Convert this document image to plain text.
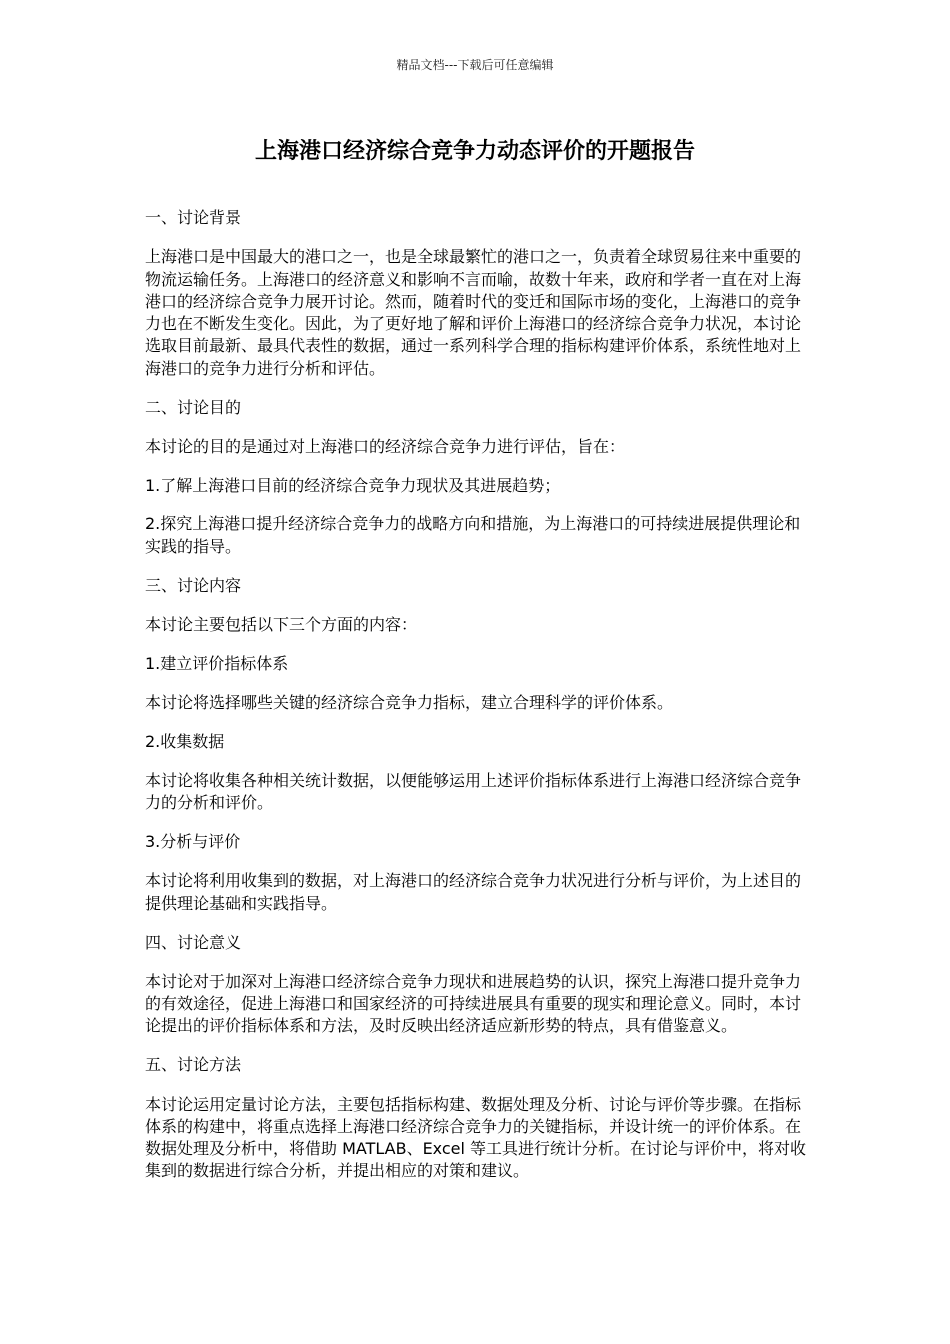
精品文档---下载后可任意编辑
上海港口经济综合竞争力动态评价的开题报告

一、讨论背景

上海港口是中国最大的港口之一，也是全球最繁忙的港口之一，负责着全球贸易往来中重要的物流运输任务。上海港口的经济意义和影响不言而喻，故数十年来，政府和学者一直在对上海港口的经济综合竞争力展开讨论。然而，随着时代的变迁和国际市场的变化，上海港口的竞争力也在不断发生变化。因此，为了更好地了解和评价上海港口的经济综合竞争力状况，本讨论选取目前最新、最具代表性的数据，通过一系列科学合理的指标构建评价体系，系统性地对上海港口的竞争力进行分析和评估。

二、讨论目的

本讨论的目的是通过对上海港口的经济综合竞争力进行评估，旨在：

1.了解上海港口目前的经济综合竞争力现状及其进展趋势；

2.探究上海港口提升经济综合竞争力的战略方向和措施，为上海港口的可持续进展提供理论和实践的指导。

三、讨论内容

本讨论主要包括以下三个方面的内容：

1.建立评价指标体系

本讨论将选择哪些关键的经济综合竞争力指标，建立合理科学的评价体系。

2.收集数据

本讨论将收集各种相关统计数据，以便能够运用上述评价指标体系进行上海港口经济综合竞争力的分析和评价。

3.分析与评价

本讨论将利用收集到的数据，对上海港口的经济综合竞争力状况进行分析与评价，为上述目的提供理论基础和实践指导。

四、讨论意义

本讨论对于加深对上海港口经济综合竞争力现状和进展趋势的认识，探究上海港口提升竞争力的有效途径，促进上海港口和国家经济的可持续进展具有重要的现实和理论意义。同时，本讨论提出的评价指标体系和方法，及时反映出经济适应新形势的特点，具有借鉴意义。

五、讨论方法

本讨论运用定量讨论方法，主要包括指标构建、数据处理及分析、讨论与评价等步骤。在指标体系的构建中，将重点选择上海港口经济综合竞争力的关键指标，并设计统一的评价体系。在数据处理及分析中，将借助 MATLAB、Excel 等工具进行统计分析。在讨论与评价中，将对收集到的数据进行综合分析，并提出相应的对策和建议。
